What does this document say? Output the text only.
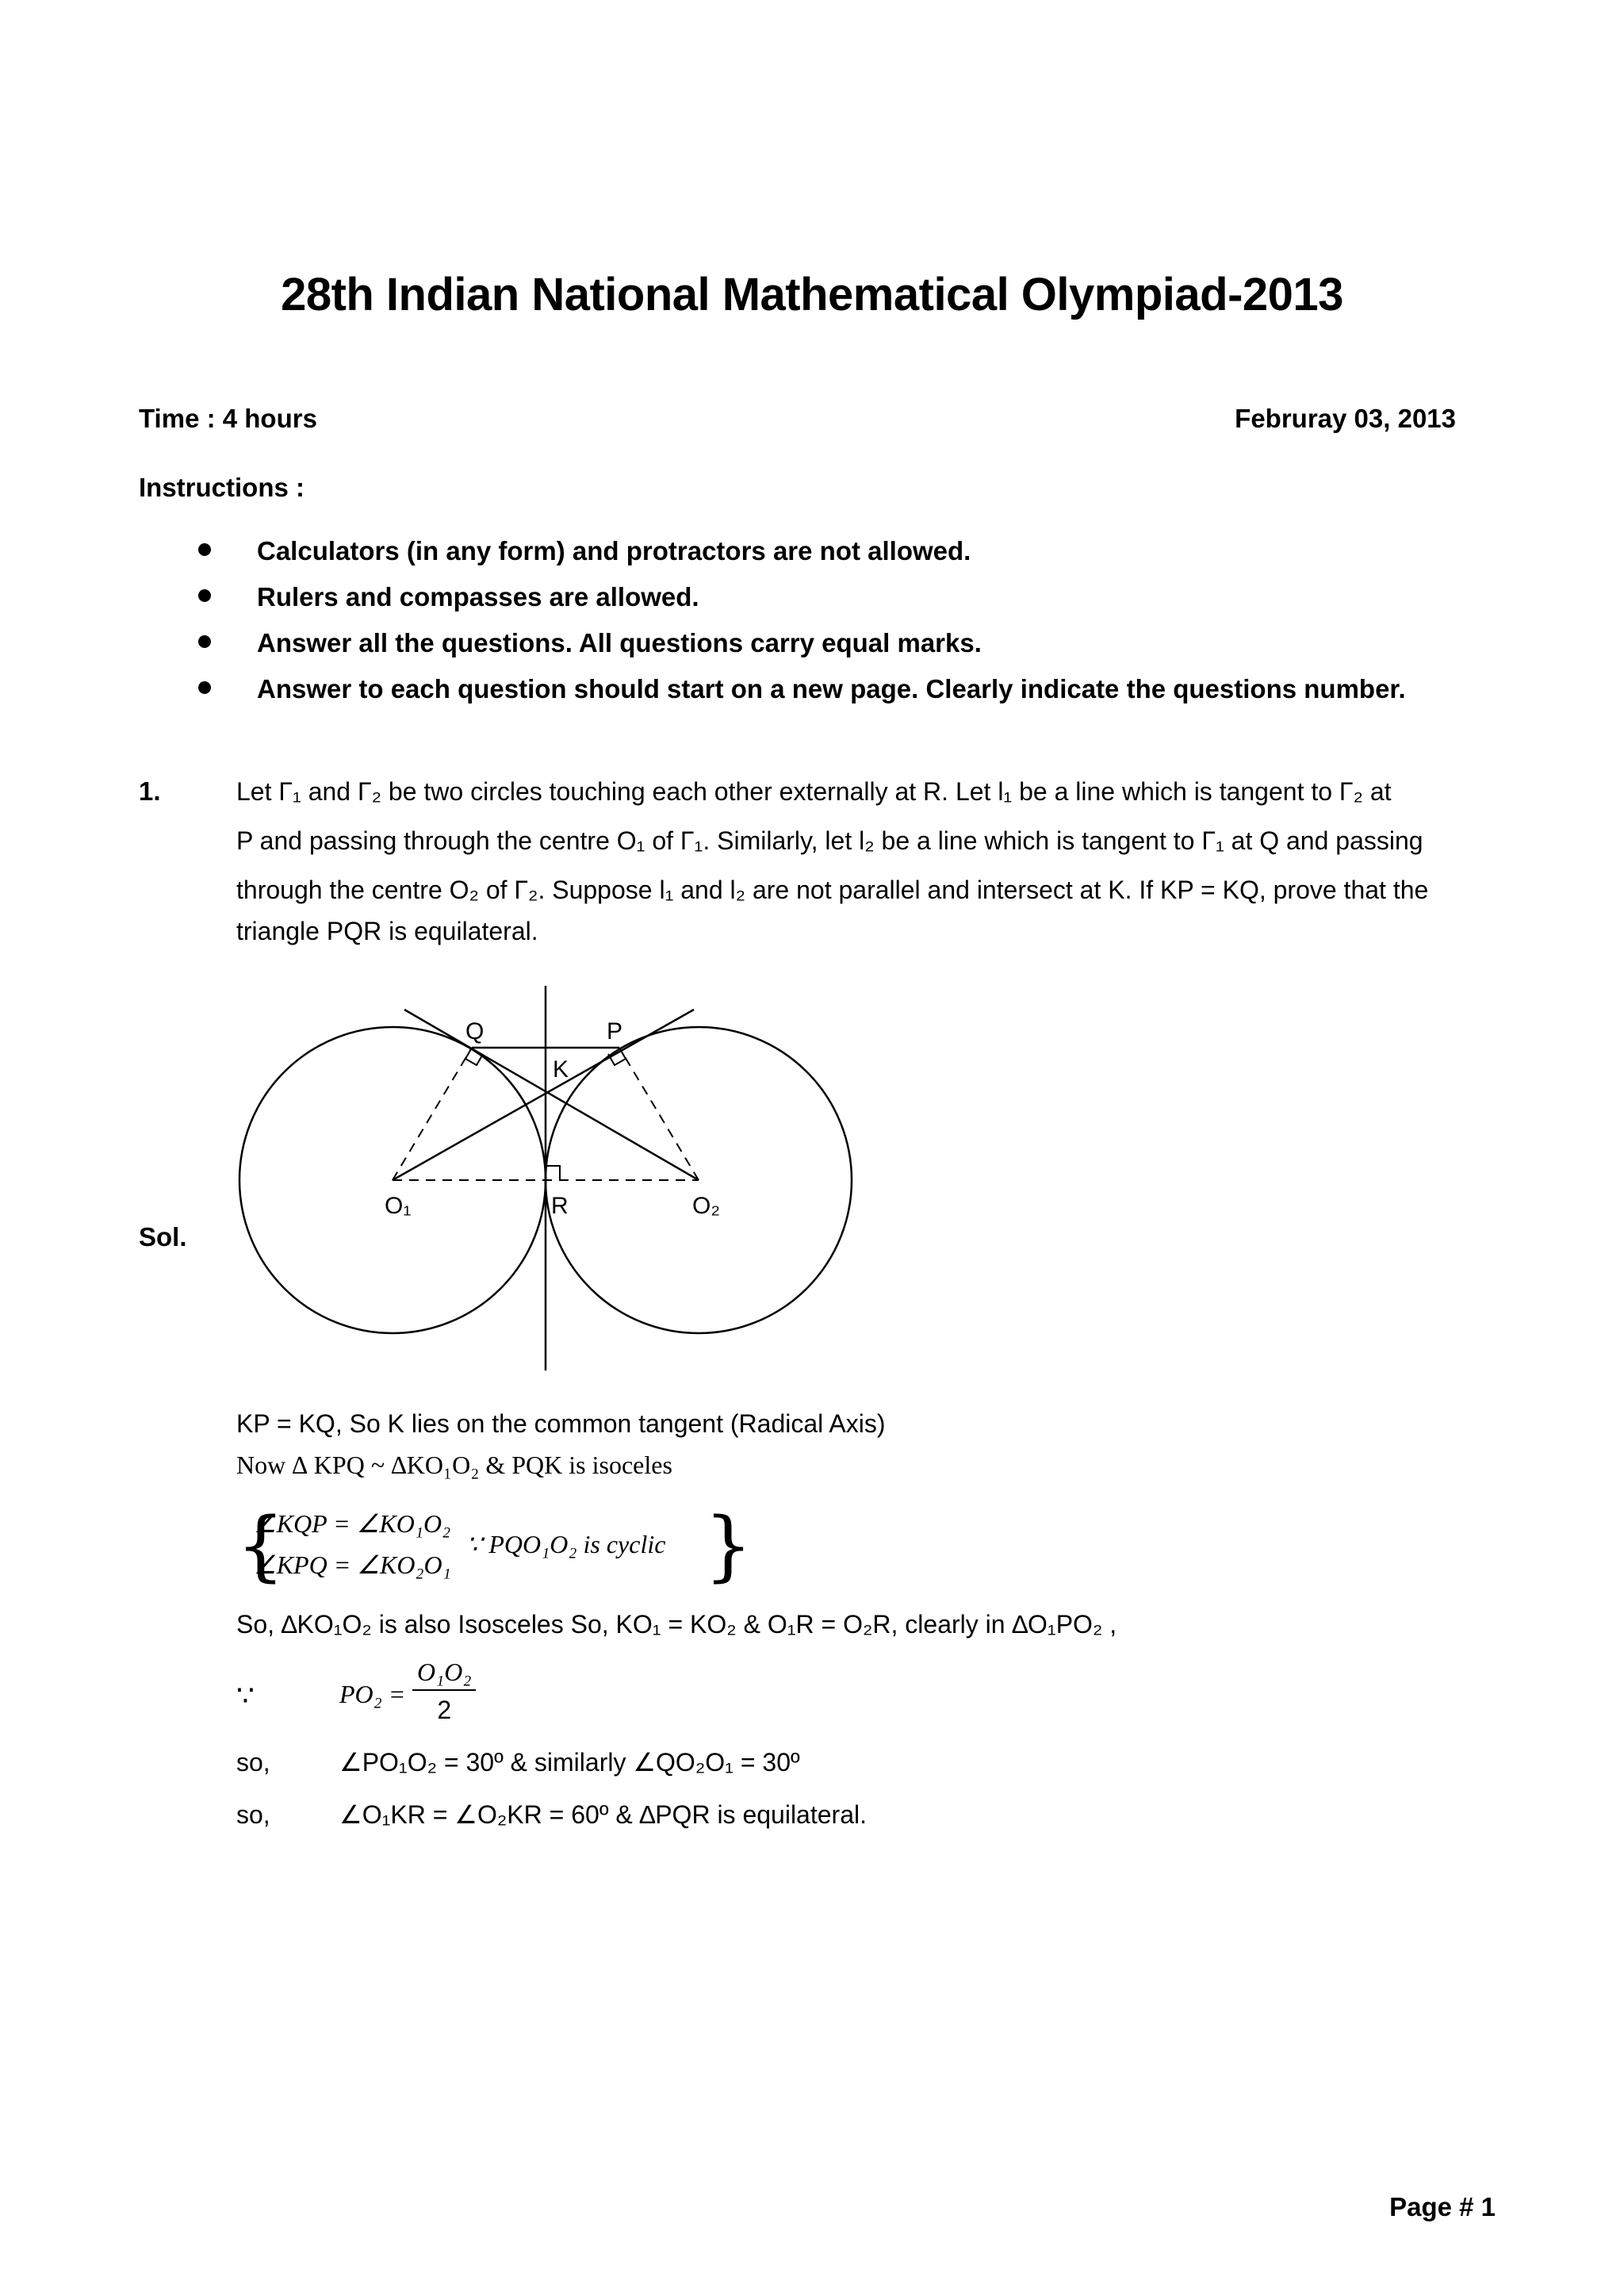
28th Indian National Mathematical Olympiad-2013
Time : 4 hours	Februray 03, 2013
Instructions :
Calculators (in any form) and protractors are not allowed.
Rulers and compasses are allowed.
Answer all the questions. All questions carry equal marks.
Answer to each question should start on a new page. Clearly indicate the questions number.
1.	Let Γ₁ and Γ₂ be two circles touching each other externally at R. Let l₁ be a line which is tangent to Γ₂ at
P and passing through the centre O₁ of Γ₁. Similarly, let l₂ be a line which is tangent to Γ₁ at Q and passing
through the centre O₂ of Γ₂. Suppose l₁ and l₂ are not parallel and intersect at K. If KP = KQ, prove that the
triangle PQR is equilateral.
Sol.
Q	P
K
O₁	R	O₂
KP = KQ, So K lies on the common tangent (Radical Axis)
Now ∆ KPQ ~ ∆KO₁O₂ & PQK is isoceles
{
∠KQP = ∠KO₁O₂
∠KPQ = ∠KO₂O₁
∵ PQO₁O₂ is cyclic }
So, ∆KO₁O₂ is also Isosceles So, KO₁ = KO₂ & O₁R = O₂R, clearly in ∆O₁PO₂ ,
∵	$PO_2 = \frac{\text{O₁O₂}}{2}$
so,	∠PO₁O₂ = 30º & similarly ∠QO₂O₁ = 30º
so,	∠O₁KR = ∠O₂KR = 60º & ∆PQR is equilateral.
Page # 1
